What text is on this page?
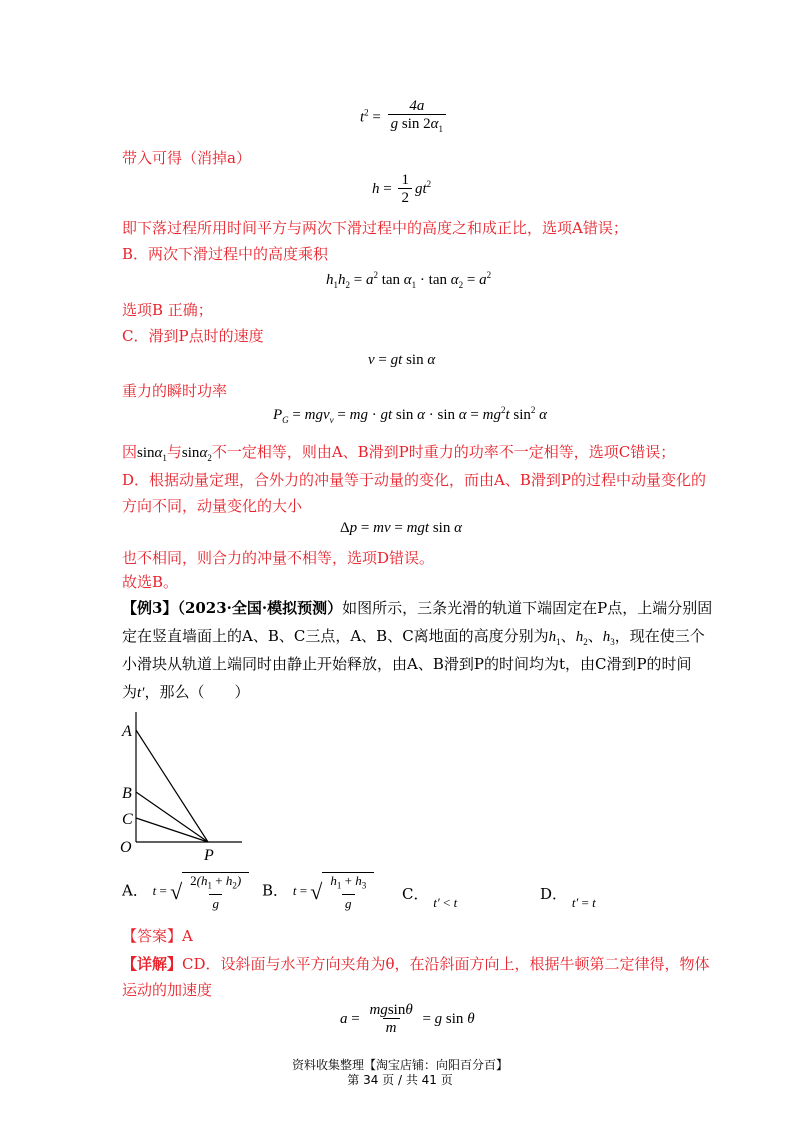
$t^2 = \frac{4a}{g \sin 2\alpha_1}$
带入可得（消掉a）
$h = \frac{1}{2} gt^2$
即下落过程所用时间平方与两次下滑过程中的高度之和成正比，选项A错误；
B．两次下滑过程中的高度乘积
$h_1h_2 = a^2$ $\tan \alpha_1 \cdot \tan \alpha_2 = a^2$
选项B 正确；
C．滑到P点时的速度
v = gt sin α
重力的瞬时功率
$P_G = mgv_v$ = mg · gt $\sin \alpha \cdot \sin \alpha = mg^2t$ $\sin^2 \alpha$
因sinα$_1$与sinα$_2$不一定相等，则由A、B滑到P时重力的功率不一定相等，选项C错误；
D．根据动量定理，合外力的冲量等于动量的变化，而由A、B滑到P的过程中动量变化的
方向不同，动量变化的大小
Δp = mv = mgt sin α
也不相同，则合力的冲量不相等，选项D错误。
故选B。
【例3】（2023·全国·模拟预测）如图所示，三条光滑的轨道下端固定在P点，上端分别固
定在竖直墙面上的A、B、C三点，A、B、C离地面的高度分别为$h_1$、$h_2$、$h_3$，现在使三个
小滑块从轨道上端同时由静止开始释放，由A、B滑到P的时间均为t，由C滑到P的时间
为t′，那么（　　）
A
B
C
O	P
A． t = √ $\frac{2(h_1 + h_2)}{g}$ B． t = √ $\frac{h_1 + h_3}{g}$ C． t′ < t	D． t′ = t
【答案】A
【详解】CD．设斜面与水平方向夹角为θ，在沿斜面方向上，根据牛顿第二定律得，物体
运动的加速度
$a = \frac{mgsin\theta}{m} = g$ sin θ
资料收集整理【淘宝店铺：向阳百分百】
第 34 页 / 共 41 页
